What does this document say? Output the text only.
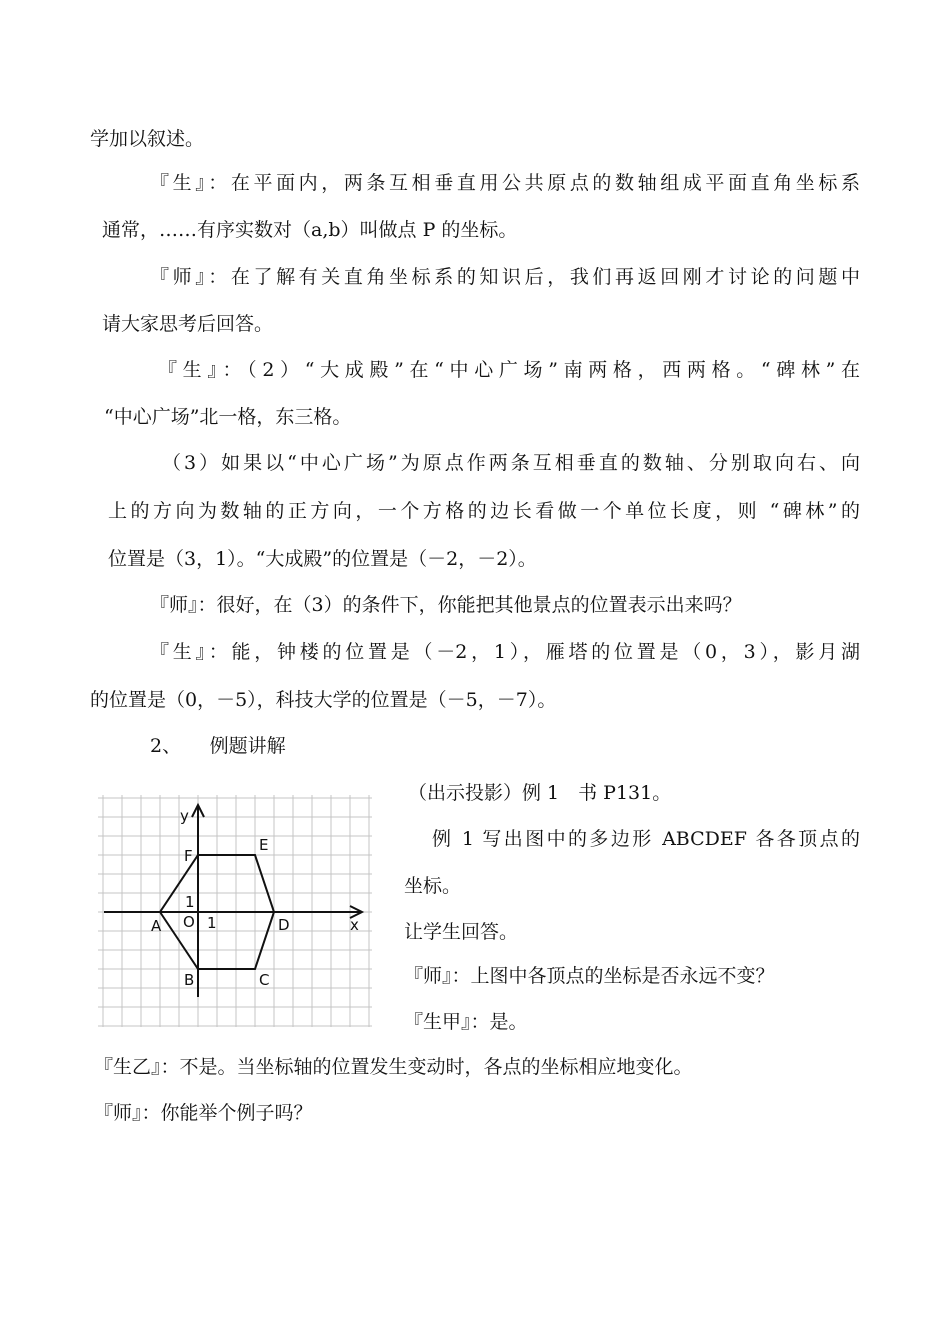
学加以叙述。
『生』：在平面内，两条互相垂直用公共原点的数轴组成平面直角坐标系
通常，……有序实数对（a,b）叫做点 P 的坐标。
『师』：在了解有关直角坐标系的知识后，我们再返回刚才讨论的问题中
请大家思考后回答。
『生』：（2）“大成殿”在“中心广场”南两格，西两格。“碑林”在
“中心广场”北一格，东三格。
（3）如果以“中心广场”为原点作两条互相垂直的数轴、分别取向右、向
上的方向为数轴的正方向，一个方格的边长看做一个单位长度，则 “碑林”的
位置是（3，1）。“大成殿”的位置是（－2，－2）。
『师』：很好，在（3）的条件下，你能把其他景点的位置表示出来吗？
『生』：能，钟楼的位置是（－2，1），雁塔的位置是（0，3），影月湖
的位置是（0，－5），科技大学的位置是（－5，－7）。
2、　　例题讲解
（出示投影）例 1　书 P131。
例 1 写出图中的多边形 ABCDEF 各各顶点的
坐标。
让学生回答。
『师』：上图中各顶点的坐标是否永远不变？
『生甲』：是。
『生乙』：不是。当坐标轴的位置发生变动时，各点的坐标相应地变化。
『师』：你能举个例子吗？
x
y
O 1
1
A
B	C
D
E
F
